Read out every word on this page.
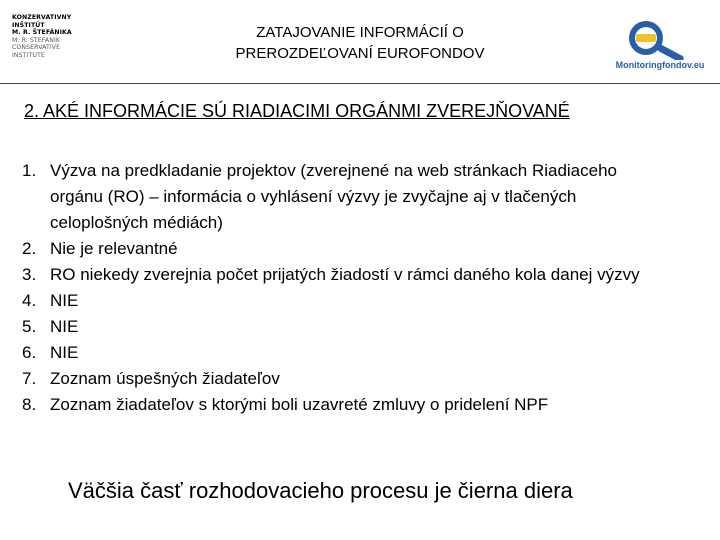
KONZERVATÍVNY
INŠTITÚT
M. R. ŠTEFÁNIKA
M. R. STEFANIK
CONSERVATIVE
INSTITUTE
ZATAJOVANIE INFORMÁCIÍ O
PREROZDEĽOVANÍ EUROFONDOV
Monitoringfondov.eu
2. AKÉ INFORMÁCIE SÚ RIADIACIMI ORGÁNMI ZVEREJŇOVANÉ
1. Výzva na predkladanie projektov (zverejnené na web stránkach Riadiaceho orgánu (RO) – informácia o vyhlásení výzvy je zvyčajne aj v tlačených celoplošných médiách)
2. Nie je relevantné
3. RO niekedy zverejnia počet prijatých žiadostí v rámci daného kola danej výzvy
4. NIE
5. NIE
6. NIE
7. Zoznam úspešných žiadateľov
8. Zoznam žiadateľov s ktorými boli uzavreté zmluvy o pridelení NPF
Väčšia časť rozhodovacieho procesu je čierna diera
